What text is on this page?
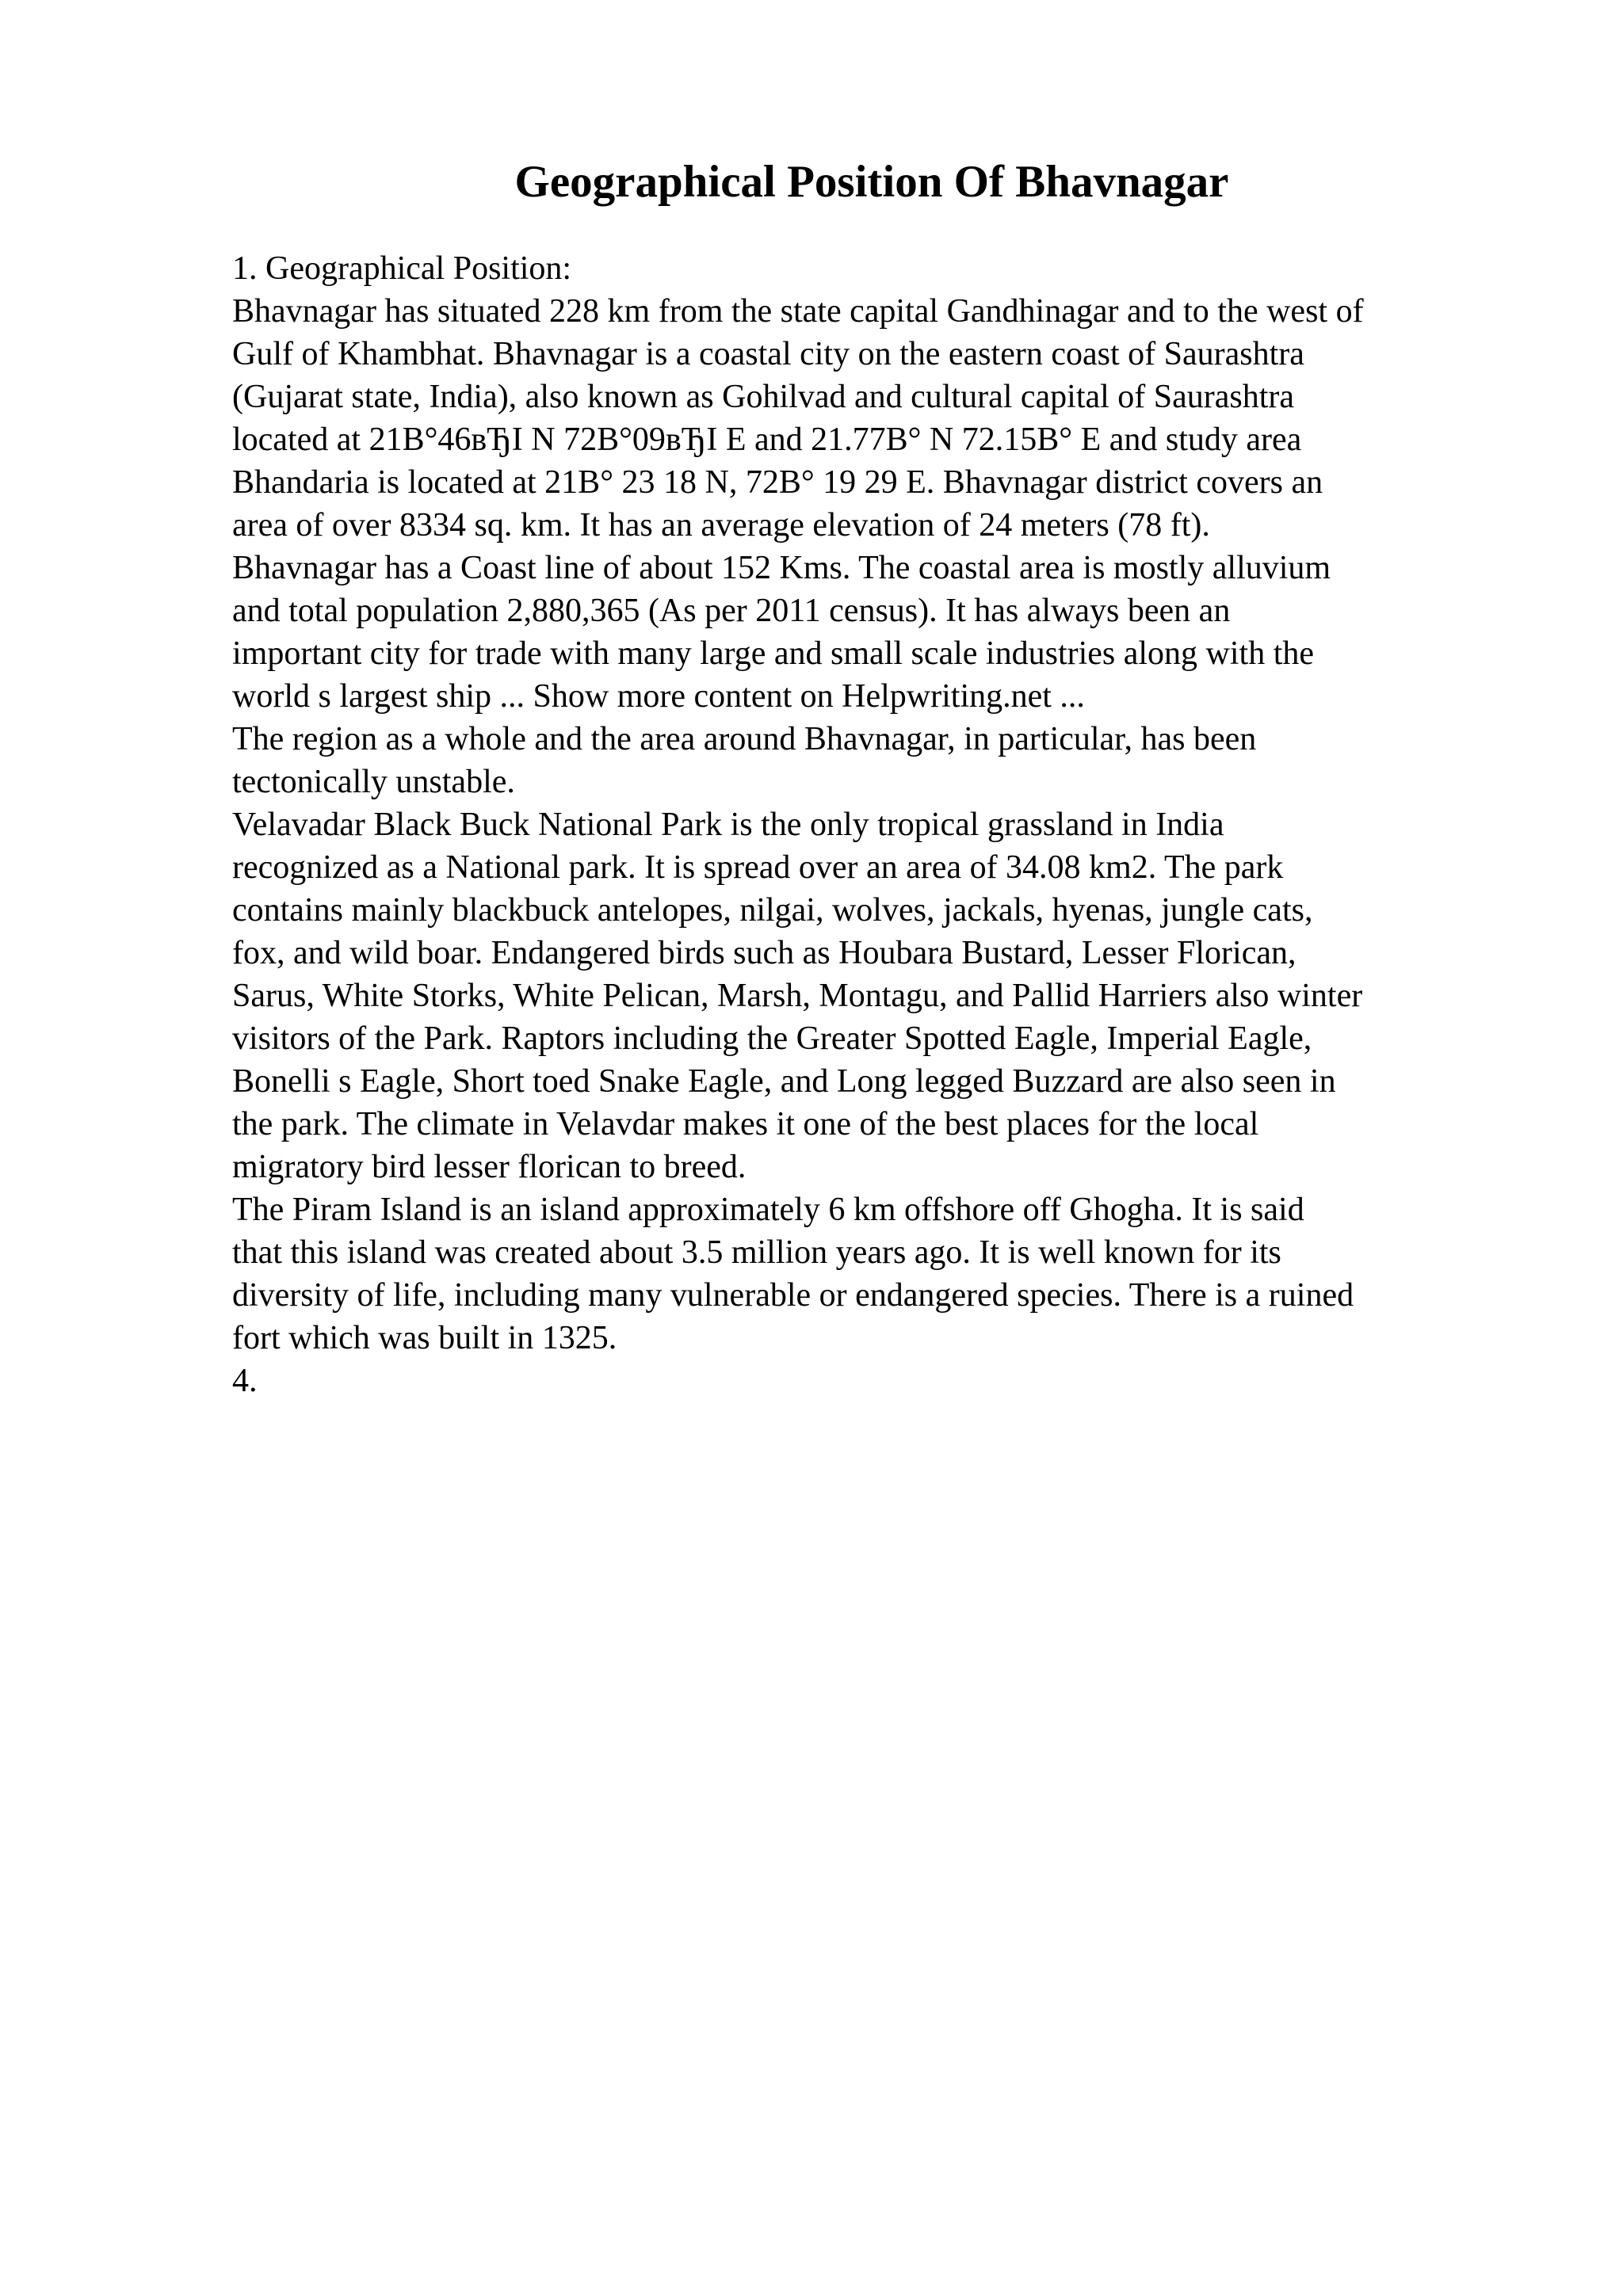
Geographical Position Of Bhavnagar
1. Geographical Position:
Bhavnagar has situated 228 km from the state capital Gandhinagar and to the west of
Gulf of Khambhat. Bhavnagar is a coastal city on the eastern coast of Saurashtra
(Gujarat state, India), also known as Gohilvad and cultural capital of Saurashtra
located at 21B°46вЂI N 72B°09вЂI E and 21.77B° N 72.15B° E and study area
Bhandaria is located at 21B° 23 18 N, 72B° 19 29 E. Bhavnagar district covers an
area of over 8334 sq. km. It has an average elevation of 24 meters (78 ft).
Bhavnagar has a Coast line of about 152 Kms. The coastal area is mostly alluvium
and total population 2,880,365 (As per 2011 census). It has always been an
important city for trade with many large and small scale industries along with the
world s largest ship ... Show more content on Helpwriting.net ...
The region as a whole and the area around Bhavnagar, in particular, has been
tectonically unstable.
Velavadar Black Buck National Park is the only tropical grassland in India
recognized as a National park. It is spread over an area of 34.08 km2. The park
contains mainly blackbuck antelopes, nilgai, wolves, jackals, hyenas, jungle cats,
fox, and wild boar. Endangered birds such as Houbara Bustard, Lesser Florican,
Sarus, White Storks, White Pelican, Marsh, Montagu, and Pallid Harriers also winter
visitors of the Park. Raptors including the Greater Spotted Eagle, Imperial Eagle,
Bonelli s Eagle, Short toed Snake Eagle, and Long legged Buzzard are also seen in
the park. The climate in Velavdar makes it one of the best places for the local
migratory bird lesser florican to breed.
The Piram Island is an island approximately 6 km offshore off Ghogha. It is said
that this island was created about 3.5 million years ago. It is well known for its
diversity of life, including many vulnerable or endangered species. There is a ruined
fort which was built in 1325.
4.
